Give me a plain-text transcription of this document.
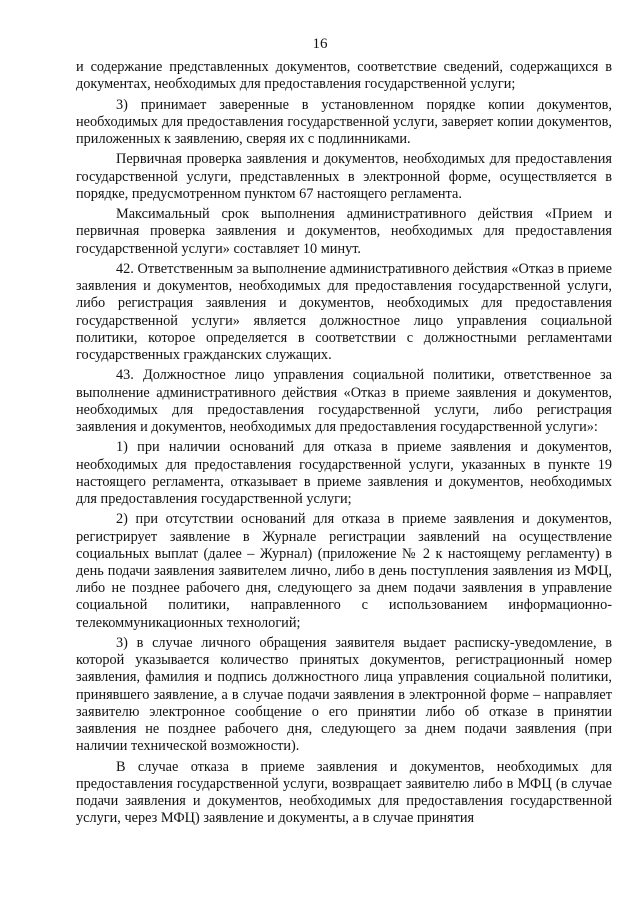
16

и содержание представленных документов, соответствие сведений, содержащихся в документах, необходимых для предоставления государственной услуги;

3) принимает заверенные в установленном порядке копии документов, необходимых для предоставления государственной услуги, заверяет копии документов, приложенных к заявлению, сверяя их с подлинниками.

Первичная проверка заявления и документов, необходимых для предоставления государственной услуги, представленных в электронной форме, осуществляется в порядке, предусмотренном пунктом 67 настоящего регламента.

Максимальный срок выполнения административного действия «Прием и первичная проверка заявления и документов, необходимых для предоставления государственной услуги» составляет 10 минут.

42. Ответственным за выполнение административного действия «Отказ в приеме заявления и документов, необходимых для предоставления государственной услуги, либо регистрация заявления и документов, необходимых для предоставления государственной услуги» является должностное лицо управления социальной политики, которое определяется в соответствии с должностными регламентами государственных гражданских служащих.

43. Должностное лицо управления социальной политики, ответственное за выполнение административного действия «Отказ в приеме заявления и документов, необходимых для предоставления государственной услуги, либо регистрация заявления и документов, необходимых для предоставления государственной услуги»:

1) при наличии оснований для отказа в приеме заявления и документов, необходимых для предоставления государственной услуги, указанных в пункте 19 настоящего регламента, отказывает в приеме заявления и документов, необходимых для предоставления государственной услуги;

2) при отсутствии оснований для отказа в приеме заявления и документов, регистрирует заявление в Журнале регистрации заявлений на осуществление социальных выплат (далее – Журнал) (приложение № 2 к настоящему регламенту) в день подачи заявления заявителем лично, либо в день поступления заявления из МФЦ, либо не позднее рабочего дня, следующего за днем подачи заявления в управление социальной политики, направленного с использованием информационно-телекоммуникационных технологий;

3) в случае личного обращения заявителя выдает расписку-уведомление, в которой указывается количество принятых документов, регистрационный номер заявления, фамилия и подпись должностного лица управления социальной политики, принявшего заявление, а в случае подачи заявления в электронной форме – направляет заявителю электронное сообщение о его принятии либо об отказе в принятии заявления не позднее рабочего дня, следующего за днем подачи заявления (при наличии технической возможности).

В случае отказа в приеме заявления и документов, необходимых для предоставления государственной услуги, возвращает заявителю либо в МФЦ (в случае подачи заявления и документов, необходимых для предоставления государственной услуги, через МФЦ) заявление и документы, а в случае принятия
